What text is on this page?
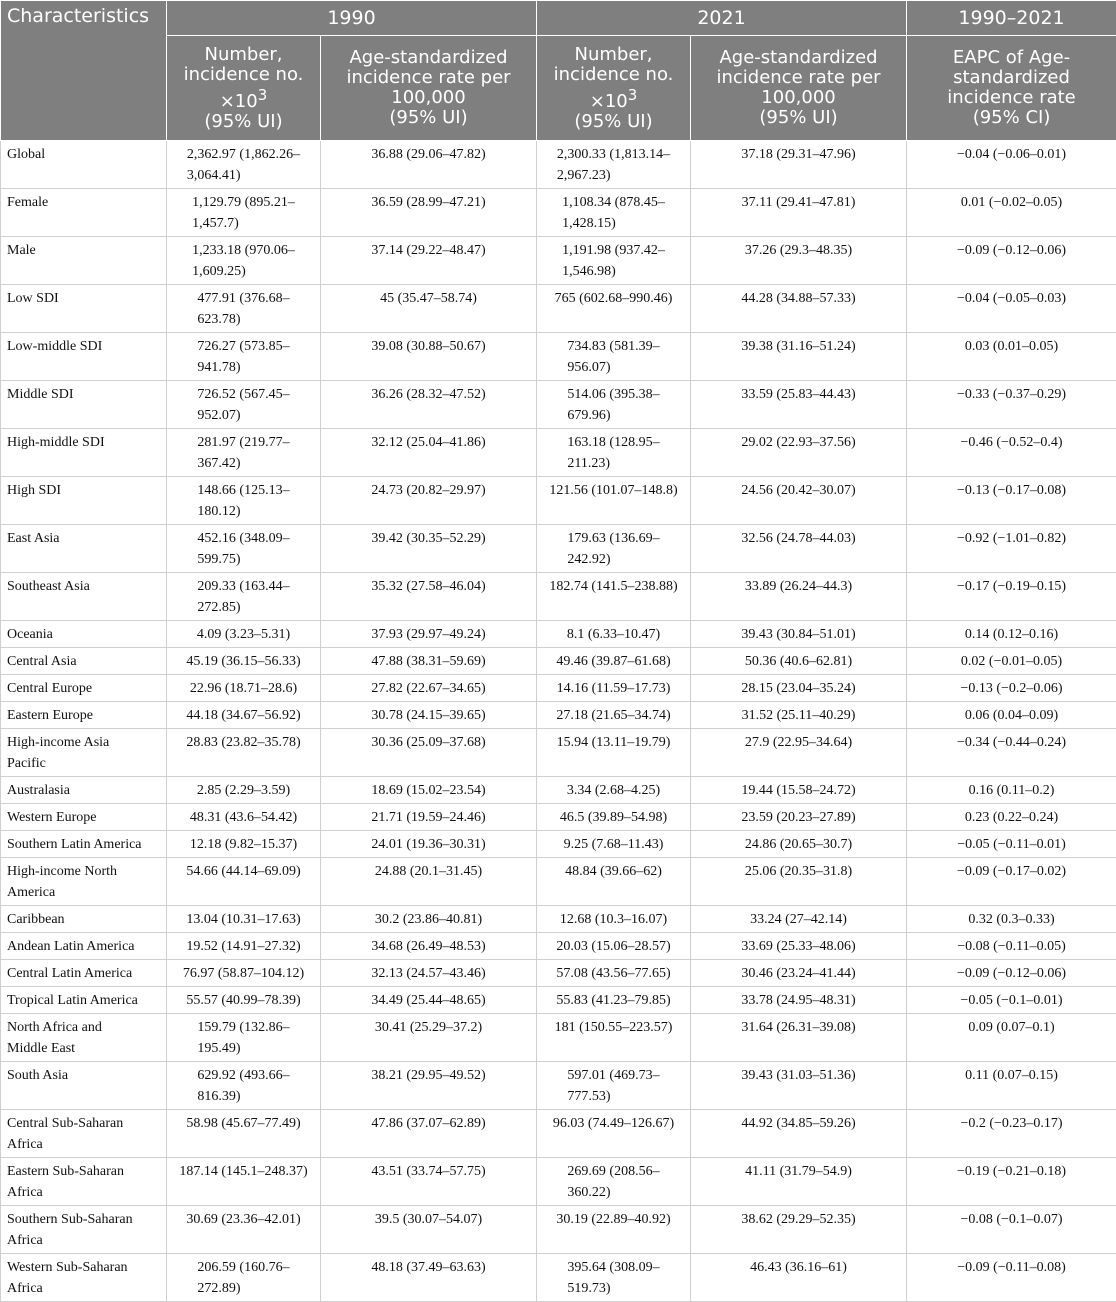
Characteristics	1990		2021		1990–2021
	Number,
incidence no.
$\times 10^3$
(95% UI)	Age-standardized
incidence rate per
100,000
(95% UI)	Number,
incidence no.
$\times 10^3$
(95% UI)	Age-standardized
incidence rate per
100,000
(95% UI)	EAPC of Age-
standardized
incidence rate
(95% CI)

Global	2,362.97 (1,862.26–
3,064.41)	36.88 (29.06–47.82)	2,300.33 (1,813.14–
2,967.23)	37.18 (29.31–47.96)	−0.04 (−0.06–0.01)

Female	1,129.79 (895.21–
1,457.7)	36.59 (28.99–47.21)	1,108.34 (878.45–
1,428.15)	37.11 (29.41–47.81)	0.01 (−0.02–0.05)

Male	1,233.18 (970.06–
1,609.25)	37.14 (29.22–48.47)	1,191.98 (937.42–
1,546.98)	37.26 (29.3–48.35)	−0.09 (−0.12–0.06)

Low SDI	477.91 (376.68–
623.78)	45 (35.47–58.74)	765 (602.68–990.46)	44.28 (34.88–57.33)	−0.04 (−0.05–0.03)

Low-middle SDI	726.27 (573.85–
941.78)	39.08 (30.88–50.67)	734.83 (581.39–
956.07)	39.38 (31.16–51.24)	0.03 (0.01–0.05)

Middle SDI	726.52 (567.45–
952.07)	36.26 (28.32–47.52)	514.06 (395.38–
679.96)	33.59 (25.83–44.43)	−0.33 (−0.37–0.29)

High-middle SDI	281.97 (219.77–
367.42)	32.12 (25.04–41.86)	163.18 (128.95–
211.23)	29.02 (22.93–37.56)	−0.46 (−0.52–0.4)

High SDI	148.66 (125.13–
180.12)	24.73 (20.82–29.97)	121.56 (101.07–148.8)	24.56 (20.42–30.07)	−0.13 (−0.17–0.08)

East Asia	452.16 (348.09–
599.75)	39.42 (30.35–52.29)	179.63 (136.69–
242.92)	32.56 (24.78–44.03)	−0.92 (−1.01–0.82)

Southeast Asia	209.33 (163.44–
272.85)	35.32 (27.58–46.04)	182.74 (141.5–238.88)	33.89 (26.24–44.3)	−0.17 (−0.19–0.15)

Oceania	4.09 (3.23–5.31)	37.93 (29.97–49.24)	8.1 (6.33–10.47)	39.43 (30.84–51.01)	0.14 (0.12–0.16)

Central Asia	45.19 (36.15–56.33)	47.88 (38.31–59.69)	49.46 (39.87–61.68)	50.36 (40.6–62.81)	0.02 (−0.01–0.05)

Central Europe	22.96 (18.71–28.6)	27.82 (22.67–34.65)	14.16 (11.59–17.73)	28.15 (23.04–35.24)	−0.13 (−0.2–0.06)

Eastern Europe	44.18 (34.67–56.92)	30.78 (24.15–39.65)	27.18 (21.65–34.74)	31.52 (25.11–40.29)	0.06 (0.04–0.09)

High-income Asia
Pacific	28.83 (23.82–35.78)	30.36 (25.09–37.68)	15.94 (13.11–19.79)	27.9 (22.95–34.64)	−0.34 (−0.44–0.24)

Australasia	2.85 (2.29–3.59)	18.69 (15.02–23.54)	3.34 (2.68–4.25)	19.44 (15.58–24.72)	0.16 (0.11–0.2)

Western Europe	48.31 (43.6–54.42)	21.71 (19.59–24.46)	46.5 (39.89–54.98)	23.59 (20.23–27.89)	0.23 (0.22–0.24)

Southern Latin America	12.18 (9.82–15.37)	24.01 (19.36–30.31)	9.25 (7.68–11.43)	24.86 (20.65–30.7)	−0.05 (−0.11–0.01)

High-income North
America	54.66 (44.14–69.09)	24.88 (20.1–31.45)	48.84 (39.66–62)	25.06 (20.35–31.8)	−0.09 (−0.17–0.02)

Caribbean	13.04 (10.31–17.63)	30.2 (23.86–40.81)	12.68 (10.3–16.07)	33.24 (27–42.14)	0.32 (0.3–0.33)

Andean Latin America	19.52 (14.91–27.32)	34.68 (26.49–48.53)	20.03 (15.06–28.57)	33.69 (25.33–48.06)	−0.08 (−0.11–0.05)

Central Latin America	76.97 (58.87–104.12)	32.13 (24.57–43.46)	57.08 (43.56–77.65)	30.46 (23.24–41.44)	−0.09 (−0.12–0.06)

Tropical Latin America	55.57 (40.99–78.39)	34.49 (25.44–48.65)	55.83 (41.23–79.85)	33.78 (24.95–48.31)	−0.05 (−0.1–0.01)

North Africa and
Middle East	159.79 (132.86–
195.49)	30.41 (25.29–37.2)	181 (150.55–223.57)	31.64 (26.31–39.08)	0.09 (0.07–0.1)

South Asia	629.92 (493.66–
816.39)	38.21 (29.95–49.52)	597.01 (469.73–
777.53)	39.43 (31.03–51.36)	0.11 (0.07–0.15)

Central Sub-Saharan
Africa	58.98 (45.67–77.49)	47.86 (37.07–62.89)	96.03 (74.49–126.67)	44.92 (34.85–59.26)	−0.2 (−0.23–0.17)

Eastern Sub-Saharan
Africa	187.14 (145.1–248.37)	43.51 (33.74–57.75)	269.69 (208.56–
360.22)	41.11 (31.79–54.9)	−0.19 (−0.21–0.18)

Southern Sub-Saharan
Africa	30.69 (23.36–42.01)	39.5 (30.07–54.07)	30.19 (22.89–40.92)	38.62 (29.29–52.35)	−0.08 (−0.1–0.07)

Western Sub-Saharan
Africa	206.59 (160.76–
272.89)	48.18 (37.49–63.63)	395.64 (308.09–
519.73)	46.43 (36.16–61)	−0.09 (−0.11–0.08)
